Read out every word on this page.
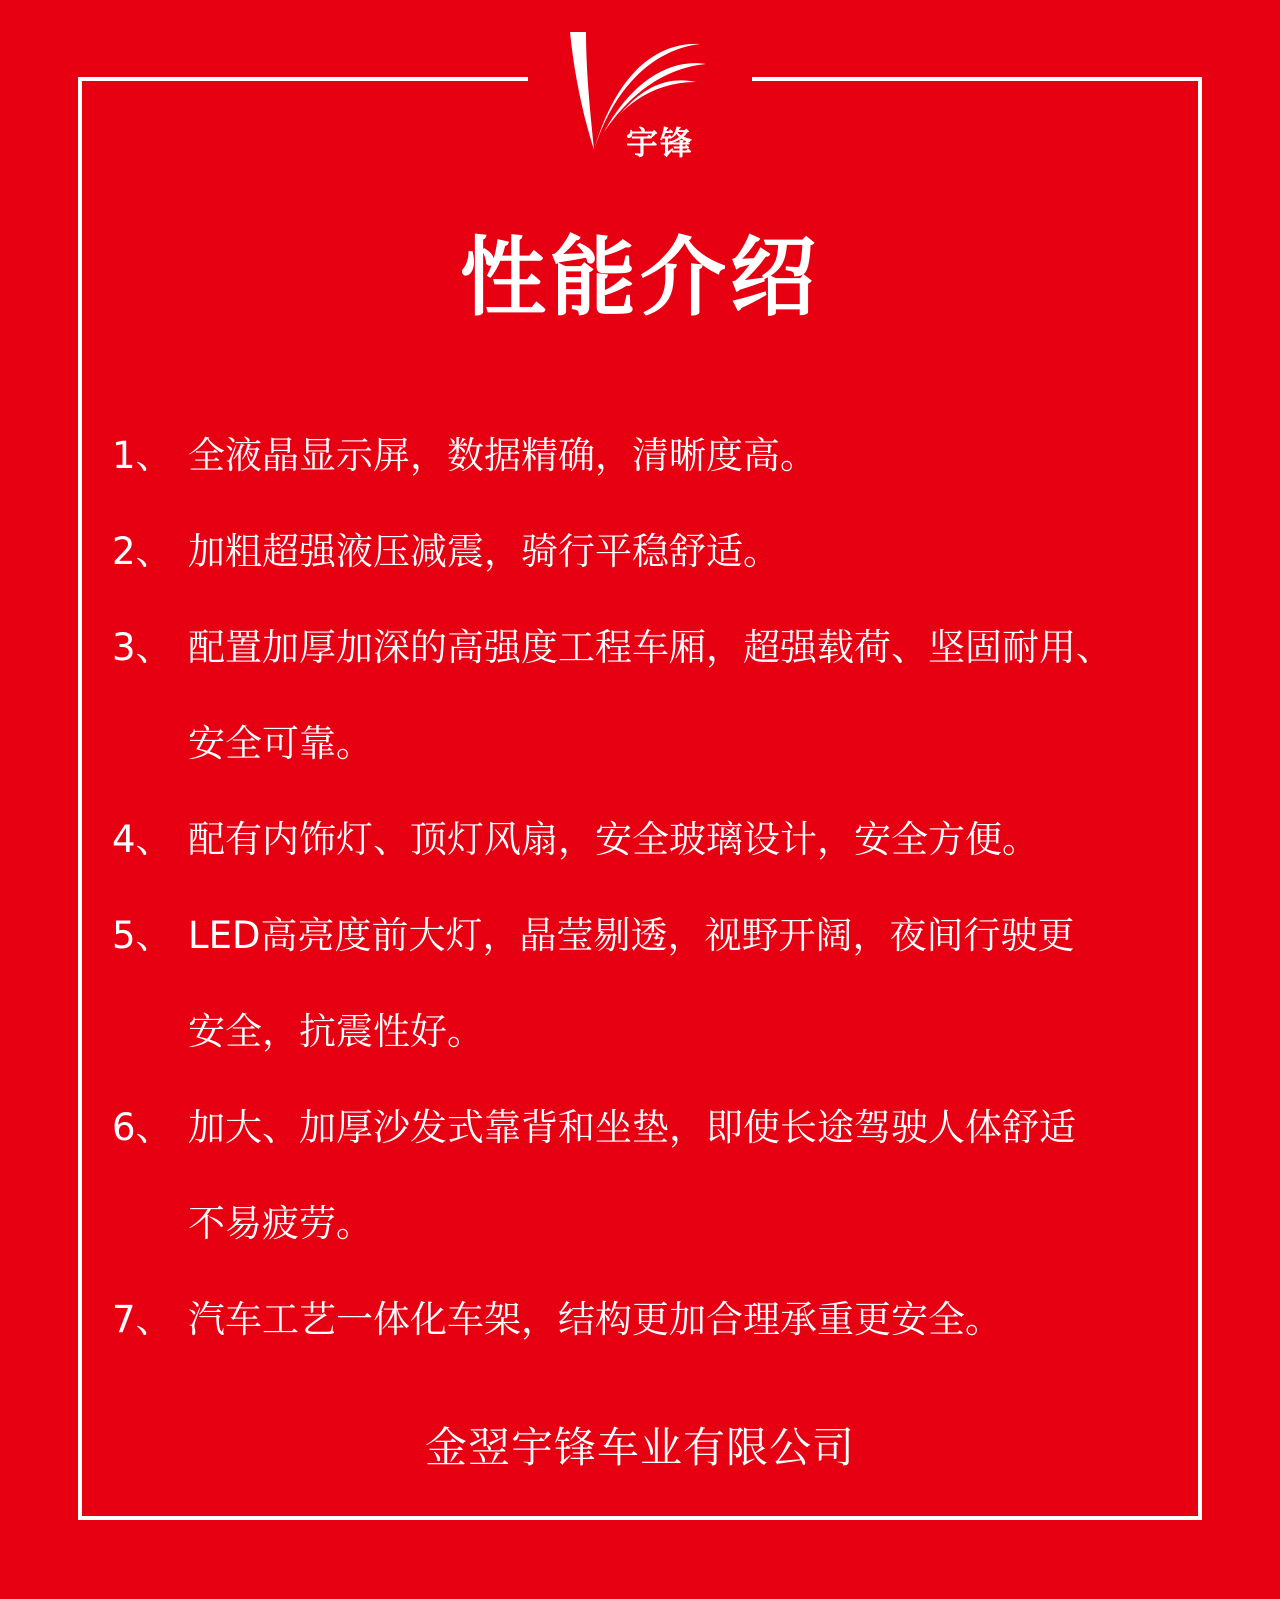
宇锋
性能介绍
1、 全液晶显示屏，数据精确，清晰度高。
2、 加粗超强液压减震，骑行平稳舒适。
3、 配置加厚加深的高强度工程车厢，超强载荷、坚固耐用、
安全可靠。
4、 配有内饰灯、顶灯风扇，安全玻璃设计，安全方便。
5、 LED高亮度前大灯，晶莹剔透，视野开阔，夜间行驶更
安全，抗震性好。
6、 加大、加厚沙发式靠背和坐垫，即使长途驾驶人体舒适
不易疲劳。
7、 汽车工艺一体化车架，结构更加合理承重更安全。
金翌宇锋车业有限公司
